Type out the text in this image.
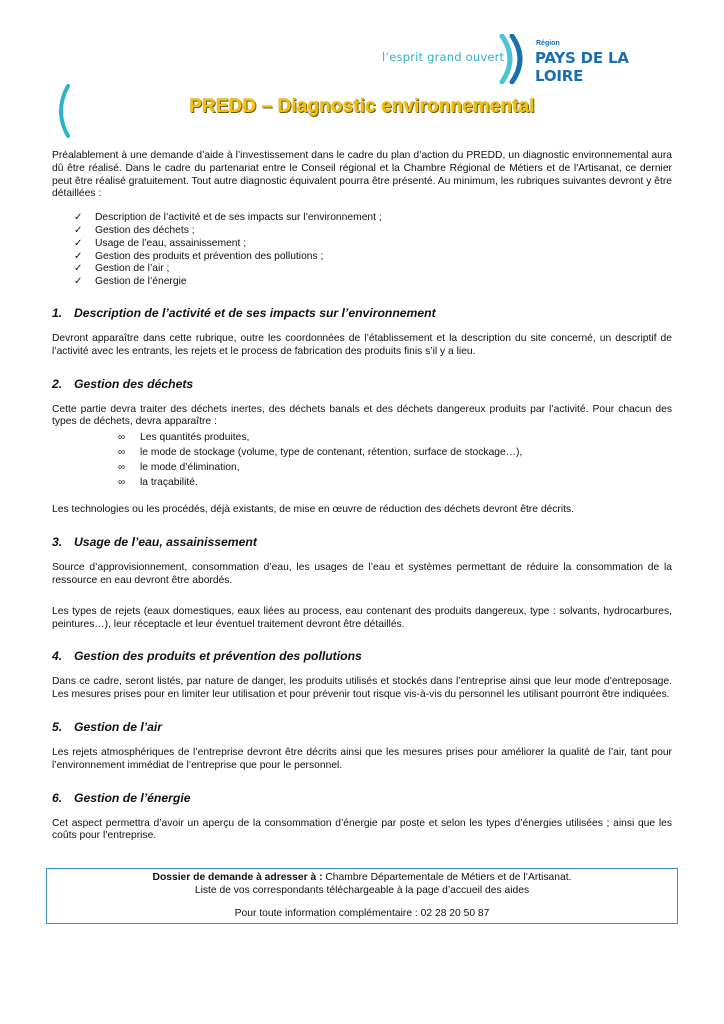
l’esprit grand ouvert
Région
PAYS DE LA LOIRE
PREDD – Diagnostic environnemental

Préalablement à une demande d’aide à l’investissement dans le cadre du plan d’action du PREDD, un diagnostic environnemental aura dû être réalisé. Dans le cadre du partenariat entre le Conseil régional et la Chambre Régional de Métiers et de l'Artisanat, ce dernier peut être réalisé gratuitement. Tout autre diagnostic équivalent pourra être présenté. Au minimum, les rubriques suivantes devront y être détaillées :

✓ Description de l’activité et de ses impacts sur l’environnement ;
✓ Gestion des déchets ;
✓ Usage de l’eau, assainissement ;
✓ Gestion des produits et prévention des pollutions ;
✓ Gestion de l’air ;
✓ Gestion de l’énergie
1. Description de l’activité et de ses impacts sur l’environnement

Devront apparaître dans cette rubrique, outre les coordonnées de l’établissement et la description du site concerné, un descriptif de l’activité avec les entrants, les rejets et le process de fabrication des produits finis s’il y a lieu.

2. Gestion des déchets

Cette partie devra traiter des déchets inertes, des déchets banals et des déchets dangereux produits par l’activité. Pour chacun des types de déchets, devra apparaître :

∞ Les quantités produites,
∞ le mode de stockage (volume, type de contenant, rétention, surface de stockage…),
∞ le mode d’élimination,
∞ la traçabilité.

Les technologies ou les procédés, déjà existants, de mise en œuvre de réduction des déchets devront être décrits.

3. Usage de l’eau, assainissement

Source d’approvisionnement, consommation d’eau, les usages de l’eau et systèmes permettant de réduire la consommation de la ressource en eau devront être abordés.

Les types de rejets (eaux domestiques, eaux liées au process, eau contenant des produits dangereux, type : solvants, hydrocarbures, peintures…), leur réceptacle et leur éventuel traitement devront être détaillés.

4. Gestion des produits et prévention des pollutions

Dans ce cadre, seront listés, par nature de danger, les produits utilisés et stockés dans l’entreprise ainsi que leur mode d’entreposage. Les mesures prises pour en limiter leur utilisation et pour prévenir tout risque vis-à-vis du personnel les utilisant pourront être indiquées.

5. Gestion de l’air

Les rejets atmosphériques de l’entreprise devront être décrits ainsi que les mesures prises pour améliorer la qualité de l’air, tant pour l’environnement immédiat de l’entreprise que pour le personnel.

6. Gestion de l’énergie

Cet aspect permettra d’avoir un aperçu de la consommation d’énergie par poste et selon les types d’énergies utilisées ; ainsi que les coûts pour l’entreprise.

Dossier de demande à adresser à : Chambre Départementale de Métiers et de l’Artisanat.
Liste de vos correspondants téléchargeable à la page d’accueil des aides
Pour toute information complémentaire : 02 28 20 50 87
